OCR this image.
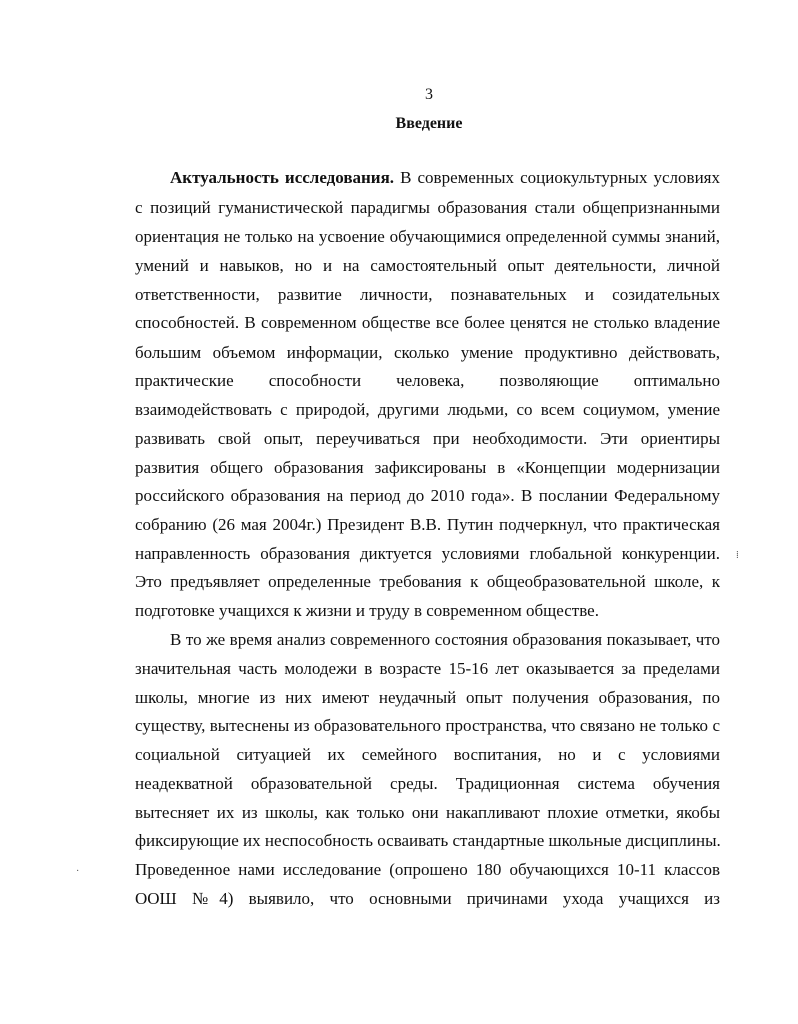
3
Введение
Актуальность исследования. В современных социокультурных условиях
с позиций гуманистической парадигмы образования стали общепризнанными
ориентация не только на усвоение обучающимися определенной суммы знаний,
умений и навыков, но и на самостоятельный опыт деятельности, личной
ответственности, развитие личности, познавательных и созидательных
способностей. В современном обществе все более ценятся не столько владение
большим объемом информации, сколько умение продуктивно действовать,
практические способности человека, позволяющие оптимально
взаимодействовать с природой, другими людьми, со всем социумом, умение
развивать свой опыт, переучиваться при необходимости. Эти ориентиры
развития общего образования зафиксированы в «Концепции модернизации
российского образования на период до 2010 года». В послании Федеральному
собранию (26 мая 2004г.) Президент В.В. Путин подчеркнул, что практическая
направленность образования диктуется условиями глобальной конкуренции.
Это предъявляет определенные требования к общеобразовательной школе, к
подготовке учащихся к жизни и труду в современном обществе.
В то же время анализ современного состояния образования показывает, что
значительная часть молодежи в возрасте 15-16 лет оказывается за пределами
школы, многие из них имеют неудачный опыт получения образования, по
существу, вытеснены из образовательного пространства, что связано не только с
социальной ситуацией их семейного воспитания, но и с условиями
неадекватной образовательной среды. Традиционная система обучения
вытесняет их из школы, как только они накапливают плохие отметки, якобы
фиксирующие их неспособность осваивать стандартные школьные дисциплины.
Проведенное нами исследование (опрошено 180 обучающихся 10-11 классов
ООШ №4) выявило, что основными причинами ухода учащихся из
⁞
·
